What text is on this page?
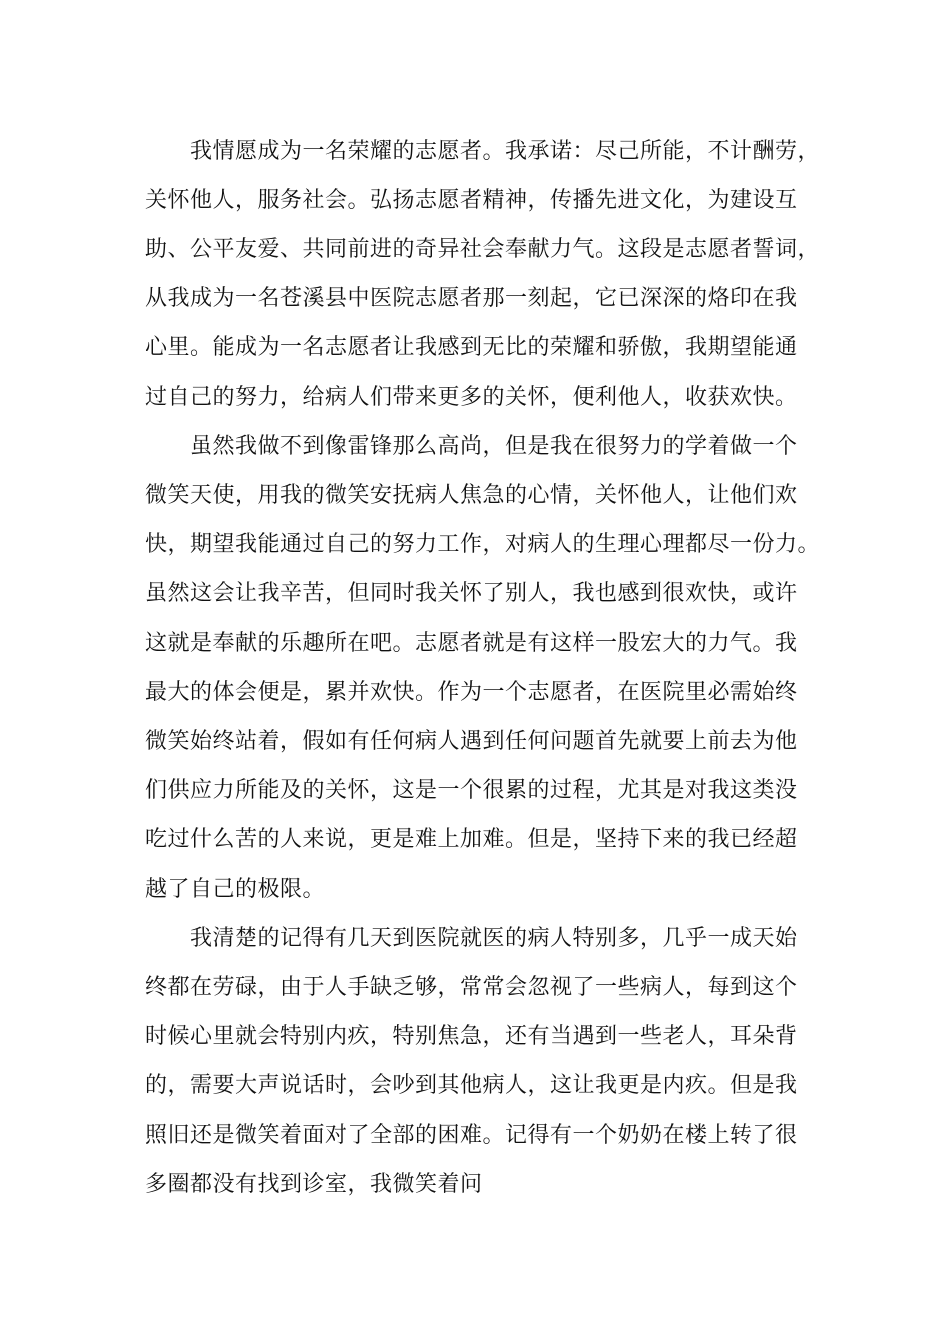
我情愿成为一名荣耀的志愿者。我承诺：尽己所能，不计酬劳，
关怀他人，服务社会。弘扬志愿者精神，传播先进文化，为建设互
助、公平友爱、共同前进的奇异社会奉献力气。这段是志愿者誓词，
从我成为一名苍溪县中医院志愿者那一刻起，它已深深的烙印在我
心里。能成为一名志愿者让我感到无比的荣耀和骄傲，我期望能通
过自己的努力，给病人们带来更多的关怀，便利他人，收获欢快。
虽然我做不到像雷锋那么高尚，但是我在很努力的学着做一个
微笑天使，用我的微笑安抚病人焦急的心情，关怀他人，让他们欢
快，期望我能通过自己的努力工作，对病人的生理心理都尽一份力。
虽然这会让我辛苦，但同时我关怀了别人，我也感到很欢快，或许
这就是奉献的乐趣所在吧。志愿者就是有这样一股宏大的力气。我
最大的体会便是，累并欢快。作为一个志愿者，在医院里必需始终
微笑始终站着，假如有任何病人遇到任何问题首先就要上前去为他
们供应力所能及的关怀，这是一个很累的过程，尤其是对我这类没
吃过什么苦的人来说，更是难上加难。但是，坚持下来的我已经超
越了自己的极限。
我清楚的记得有几天到医院就医的病人特别多，几乎一成天始
终都在劳碌，由于人手缺乏够，常常会忽视了一些病人，每到这个
时候心里就会特别内疚，特别焦急，还有当遇到一些老人，耳朵背
的，需要大声说话时，会吵到其他病人，这让我更是内疚。但是我
照旧还是微笑着面对了全部的困难。记得有一个奶奶在楼上转了很
多圈都没有找到诊室，我微笑着问
